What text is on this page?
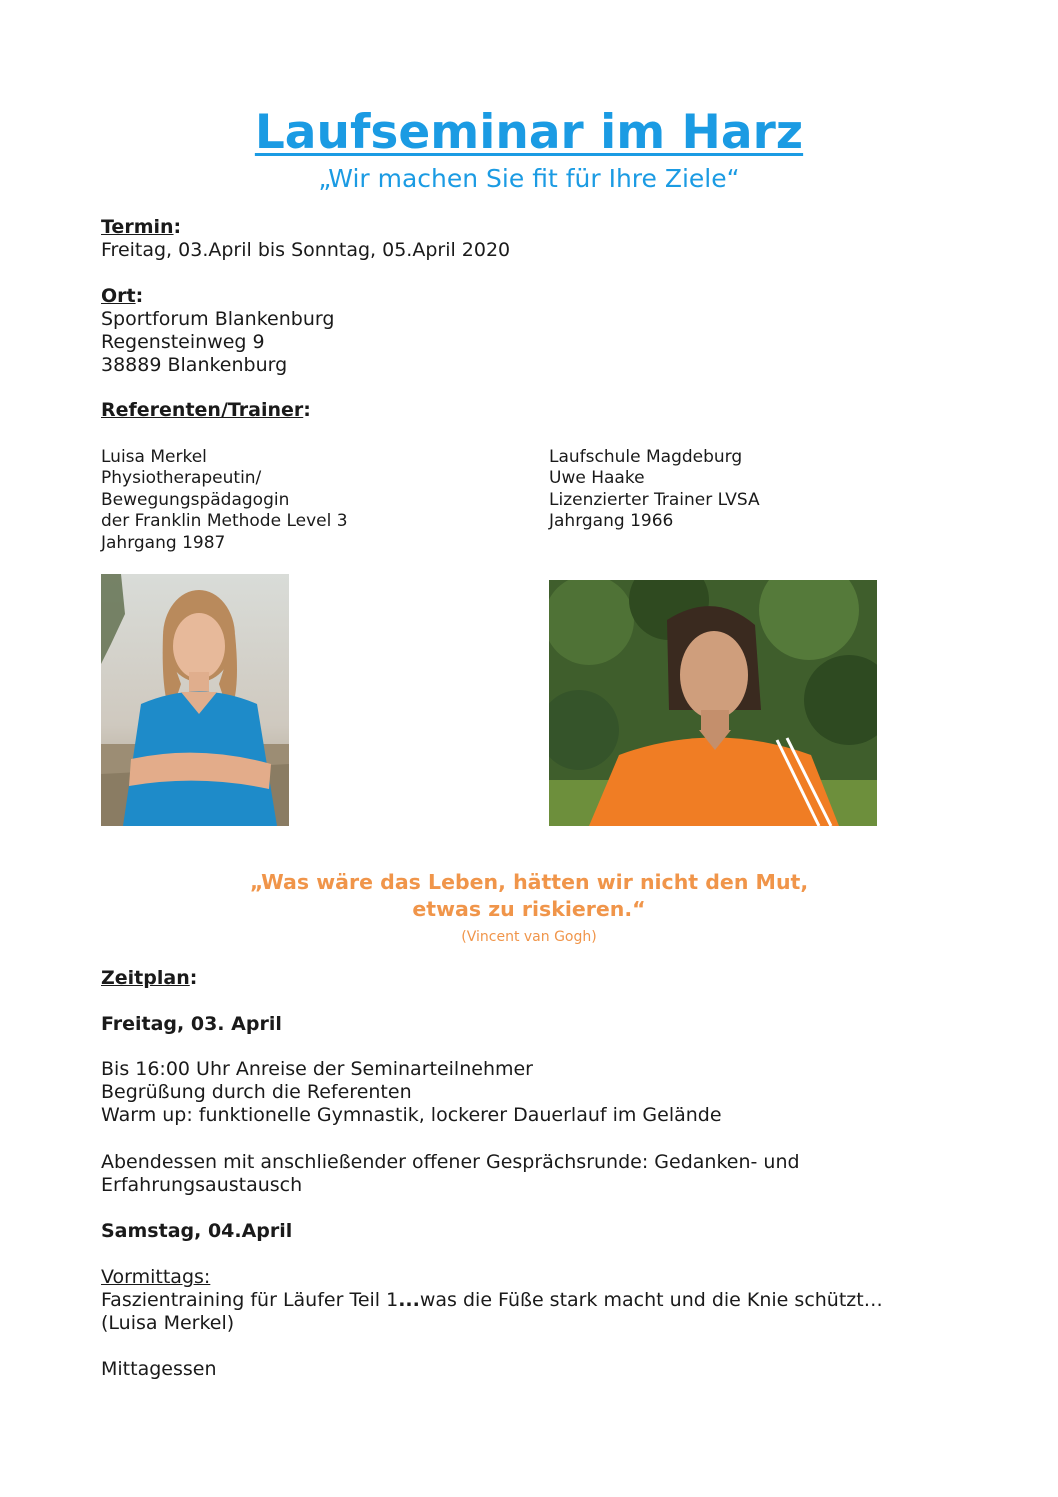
Laufseminar im Harz
„Wir machen Sie fit für Ihre Ziele“
Termin:
Freitag, 03.April bis Sonntag, 05.April 2020
Ort:
Sportforum Blankenburg
Regensteinweg 9
38889 Blankenburg
Referenten/Trainer:
Luisa Merkel
Physiotherapeutin/
Bewegungspädagogin
der Franklin Methode Level 3
Jahrgang 1987
Laufschule Magdeburg
Uwe Haake
Lizenzierter Trainer LVSA
Jahrgang 1966
„Was wäre das Leben, hätten wir nicht den Mut,
etwas zu riskieren.“
(Vincent van Gogh)
Zeitplan:
Freitag, 03. April
Bis 16:00 Uhr Anreise der Seminarteilnehmer
Begrüßung durch die Referenten
Warm up: funktionelle Gymnastik, lockerer Dauerlauf im Gelände
Abendessen mit anschließender offener Gesprächsrunde: Gedanken- und
Erfahrungsaustausch
Samstag, 04.April
Vormittags:
Faszientraining für Läufer Teil 1...was die Füße stark macht und die Knie schützt…
(Luisa Merkel)
Mittagessen
